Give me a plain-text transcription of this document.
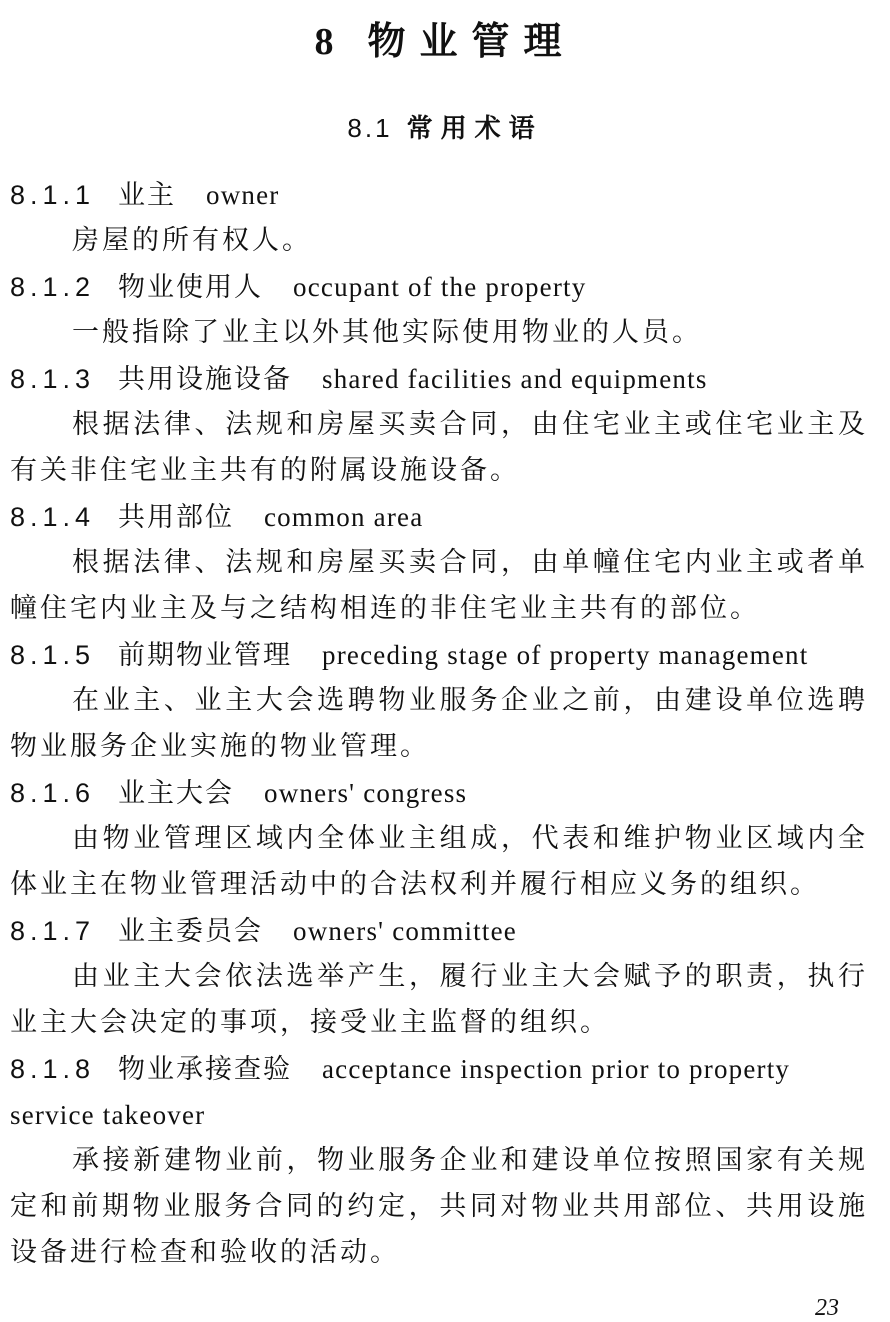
8 物业管理
8.1 常用术语
8.1.1 业主 owner
房屋的所有权人。
8.1.2 物业使用人 occupant of the property
一般指除了业主以外其他实际使用物业的人员。
8.1.3 共用设施设备 shared facilities and equipments
根据法律、法规和房屋买卖合同，由住宅业主或住宅业主及
有关非住宅业主共有的附属设施设备。
8.1.4 共用部位 common area
根据法律、法规和房屋买卖合同，由单幢住宅内业主或者单
幢住宅内业主及与之结构相连的非住宅业主共有的部位。
8.1.5 前期物业管理 preceding stage of property management
在业主、业主大会选聘物业服务企业之前，由建设单位选聘
物业服务企业实施的物业管理。
8.1.6 业主大会 owners' congress
由物业管理区域内全体业主组成，代表和维护物业区域内全
体业主在物业管理活动中的合法权利并履行相应义务的组织。
8.1.7 业主委员会 owners' committee
由业主大会依法选举产生，履行业主大会赋予的职责，执行
业主大会决定的事项，接受业主监督的组织。
8.1.8 物业承接查验 acceptance inspection prior to property
service takeover
承接新建物业前，物业服务企业和建设单位按照国家有关规
定和前期物业服务合同的约定，共同对物业共用部位、共用设施
设备进行检查和验收的活动。
23
